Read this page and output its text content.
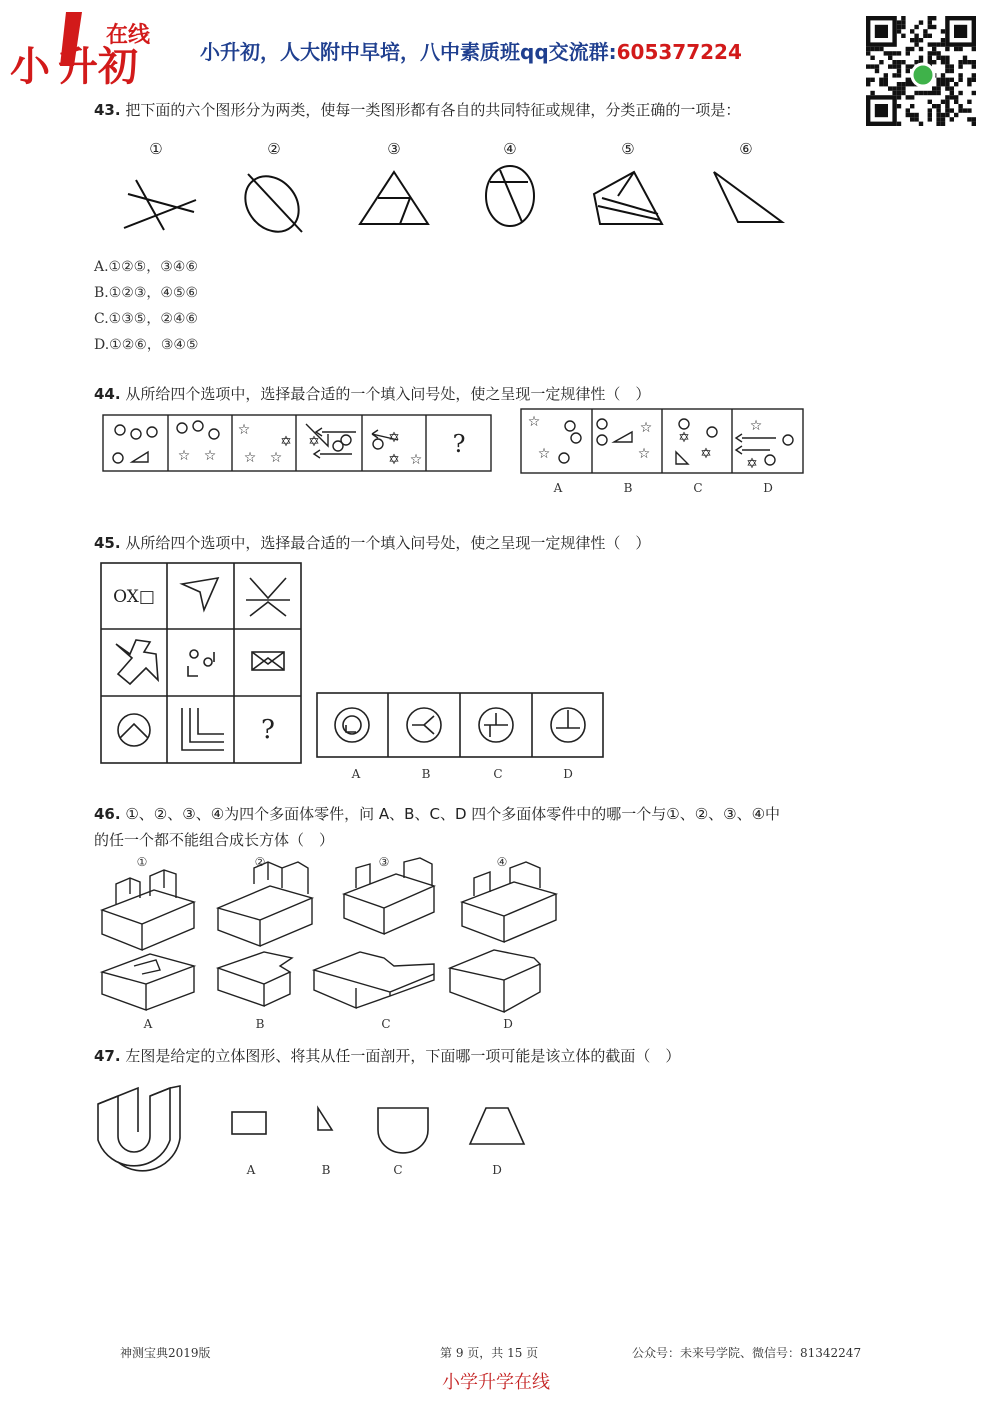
小 升初
在线
小升初，人大附中早培，八中素质班qq交流群:605377224
43. 把下面的六个图形分为两类，使每一类图形都有各自的共同特征或规律，分类正确的一项是：
①	②	③	④	⑤	⑥
A.①②⑤，③④⑥
B.①②③，④⑤⑥
C.①③⑤，②④⑥
D.①②⑥，③④⑤
44. 从所给四个选项中，选择最合适的一个填入问号处，使之呈现一定规律性（　）
☆ ☆
☆
☆ ☆
✡ ✡	✡
✡ ☆
?
☆
☆
☆
☆
✡
✡
☆
✡
A	B	C	D
45. 从所给四个选项中，选择最合适的一个填入问号处，使之呈现一定规律性（　）
OX□
?
A	B	C	D
46. ①、②、③、④为四个多面体零件，问 A、B、C、D 四个多面体零件中的哪一个与①、②、③、④中
的任一个都不能组合成长方体（　）
①	②	③	④
A	B	C	D
47. 左图是给定的立体图形、将其从任一面剖开，下面哪一项可能是该立体的截面（　）
A	B	C	D
神测宝典2019版	第 9 页，共 15 页	公众号：未来号学院、微信号：81342247
小学升学在线
